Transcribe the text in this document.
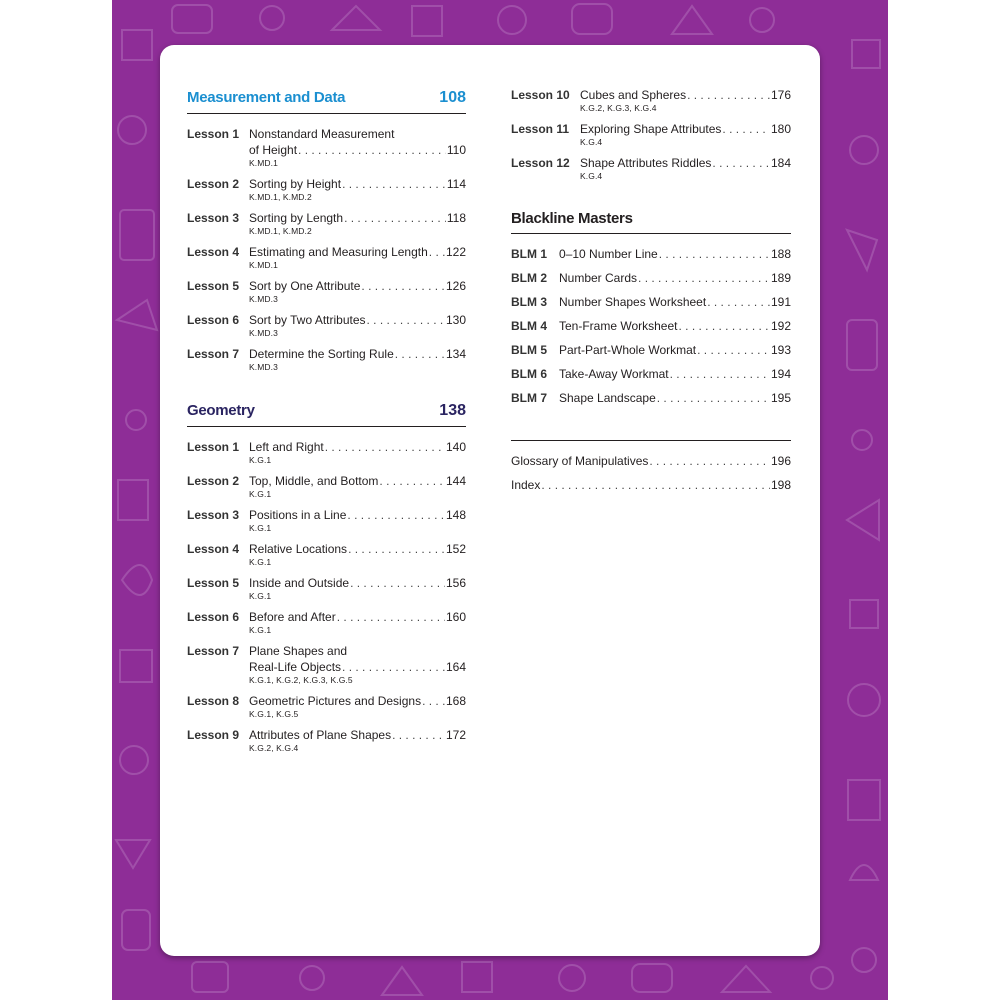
Measurement and Data	108
Lesson 1 Nonstandard Measurement
of Height . . .	110
K.MD.1
Lesson 2 Sorting by Height . . .	114
K.MD.1, K.MD.2
Lesson 3 Sorting by Length . . .	118
K.MD.1, K.MD.2
Lesson 4 Estimating and Measuring Length . . . 122
K.MD.1
Lesson 5 Sort by One Attribute . . .	126
K.MD.3
Lesson 6 Sort by Two Attributes . . .	130
K.MD.3
Lesson 7 Determine the Sorting Rule . . .	134
K.MD.3
Geometry	138
Lesson 1 Left and Right . . .	140
K.G.1
Lesson 2 Top, Middle, and Bottom . . .	144
K.G.1
Lesson 3 Positions in a Line . . .	148
K.G.1
Lesson 4 Relative Locations . . .	152
K.G.1
Lesson 5 Inside and Outside . . .	156
K.G.1
Lesson 6 Before and After . . .	160
K.G.1
Lesson 7 Plane Shapes and
Real-Life Objects . . .	164
K.G.1, K.G.2, K.G.3, K.G.5
Lesson 8 Geometric Pictures and Designs . . . 168
K.G.1, K.G.5
Lesson 9 Attributes of Plane Shapes . . .	172
K.G.2, K.G.4
Lesson 10 Cubes and Spheres . . .	176
K.G.2, K.G.3, K.G.4
Lesson 11 Exploring Shape Attributes . . .	180
K.G.4
Lesson 12 Shape Attributes Riddles . . .	184
K.G.4
Blackline Masters
BLM 1	0–10 Number Line . . .	188
BLM 2	Number Cards . . .	189
BLM 3	Number Shapes Worksheet . . .	191
BLM 4	Ten-Frame Worksheet . . .	192
BLM 5	Part-Part-Whole Workmat . . .	193
BLM 6	Take-Away Workmat . . .	194
BLM 7	Shape Landscape . . .	195
Glossary of Manipulatives . . .	196
Index . . .	198
